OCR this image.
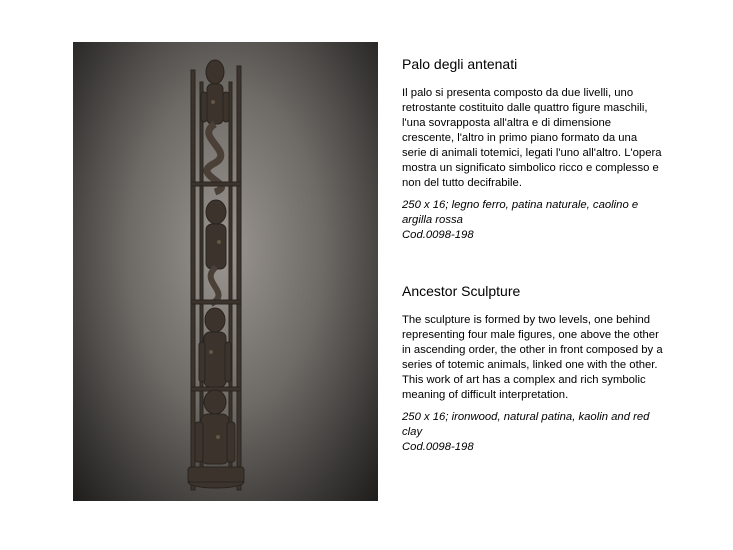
Palo degli antenati

Il palo si presenta composto da due livelli, uno retrostante costituito dalle quattro figure maschili, l'una sovrapposta all'altra e di dimensione crescente, l'altro in primo piano formato da una serie di animali totemici, legati l'uno all'altro. L'opera mostra un significato simbolico ricco e complesso e non del tutto decifrabile.

250 x 16; legno ferro, patina naturale, caolino e argilla rossa
Cod.0098-198

Ancestor Sculpture

The sculpture is formed by two levels, one behind representing four male figures, one above the other in ascending order, the other in front composed by a series of totemic animals, linked one with the other. This work of art has a complex and rich symbolic meaning of difficult interpretation.

250 x 16; ironwood, natural patina, kaolin and red clay
Cod.0098-198
